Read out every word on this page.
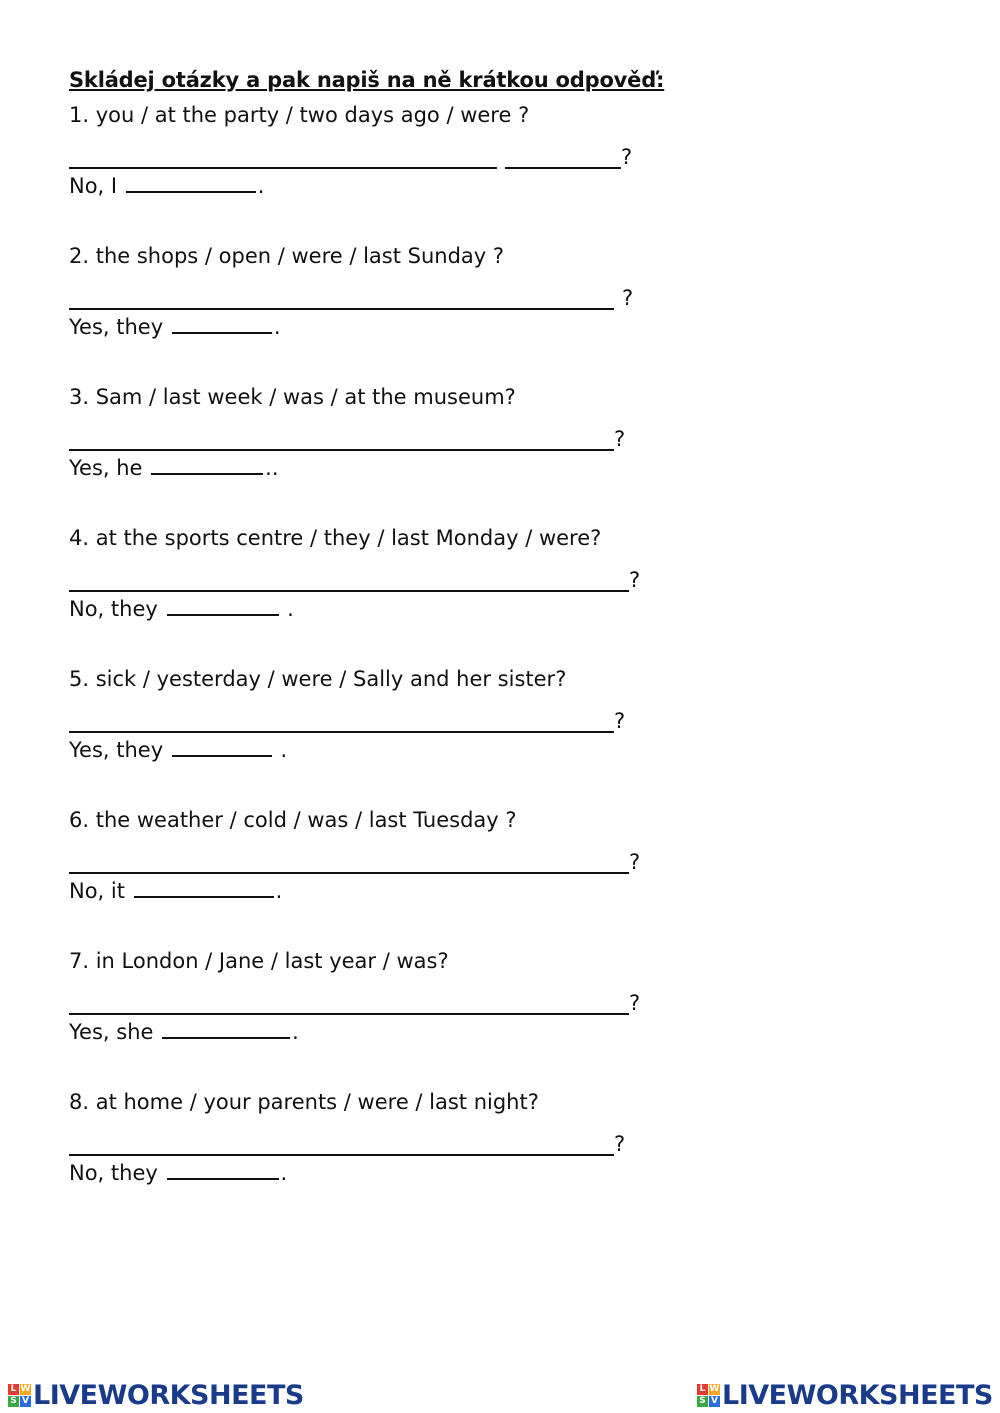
Skládej otázky a pak napiš na ně krátkou odpověď:
1. you / at the party / two days ago / were ?
?
No, I	.
2. the shops / open / were / last Sunday ?
?
Yes, they	.
3. Sam / last week / was / at the museum?
?
Yes, he	..
4. at the sports centre / they / last Monday / were?
?
No, they	.
5. sick / yesterday / were / Sally and her sister?
?
Yes, they	.
6. the weather / cold / was / last Tuesday ?
?
No, it	.
7. in London / Jane / last year / was?
?
Yes, she	.
8. at home / your parents / were / last night?
?
No, they	.
L W
S V LIVEWORKSHEETS	L W
S V LIVEWORKSHEETS
